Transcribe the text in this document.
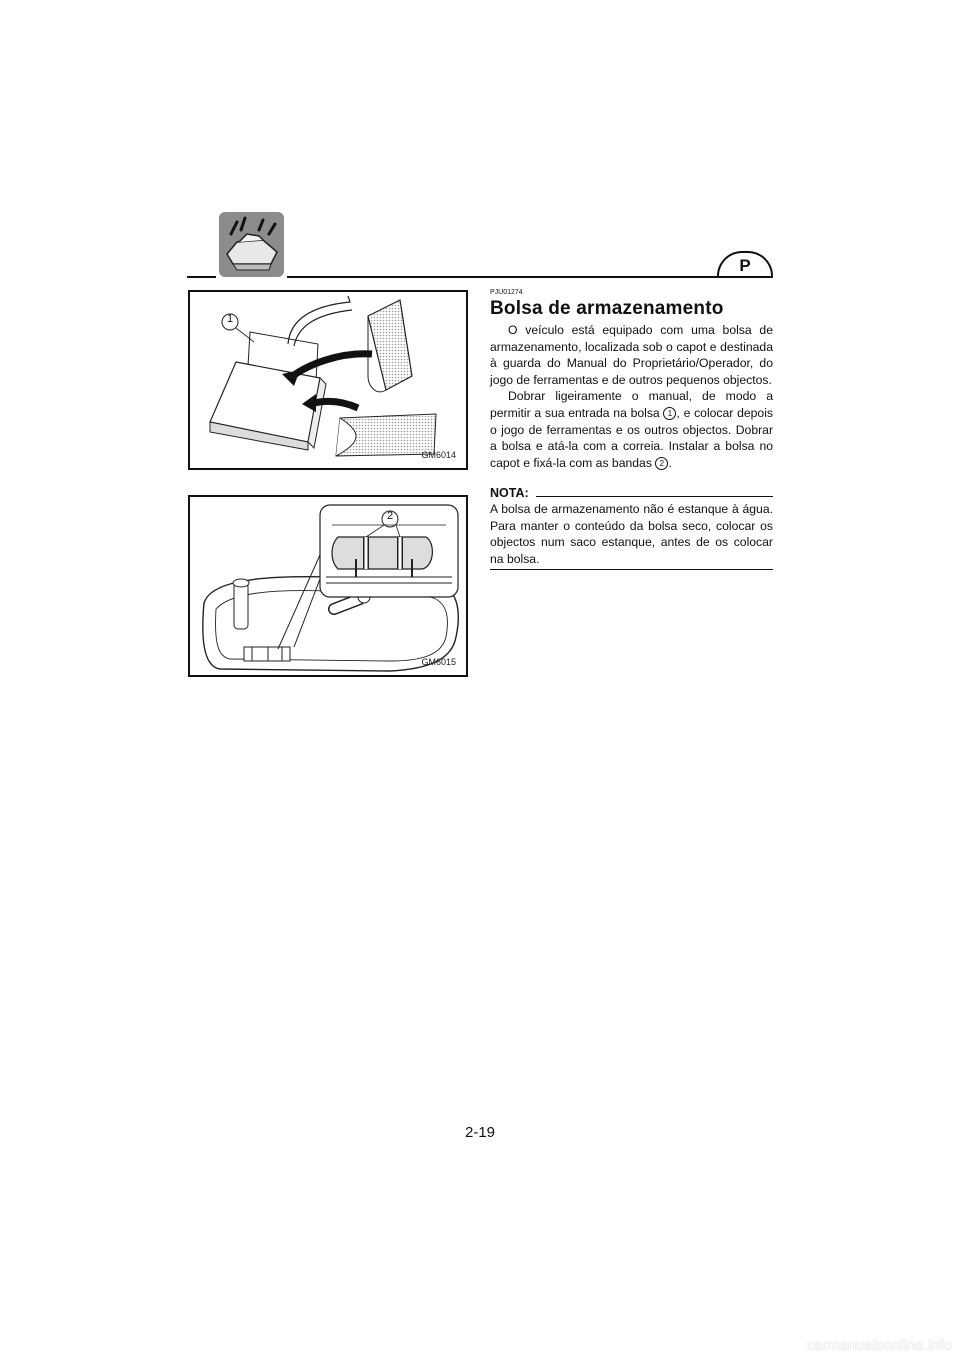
P
1
GM6014
2
GM6015
PJU01274
Bolsa de armazenamento

O veículo está equipado com uma bolsa de armazenamento, localizada sob o capot e destinada à guarda do Manual do Proprietário/Operador, do jogo de ferramentas e de outros pequenos objectos.

Dobrar ligeiramente o manual, de modo a permitir a sua entrada na bolsa 1 , e colocar depois o jogo de ferramentas e os outros objectos. Dobrar a bolsa e atá-la com a correia. Instalar a bolsa no capot e fixá-la com as bandas 2 .

NOTA:

A bolsa de armazenamento não é estanque à água. Para manter o conteúdo da bolsa seco, colocar os objectos num saco estanque, antes de os colocar na bolsa.

2-19
carmanualsonline.info
